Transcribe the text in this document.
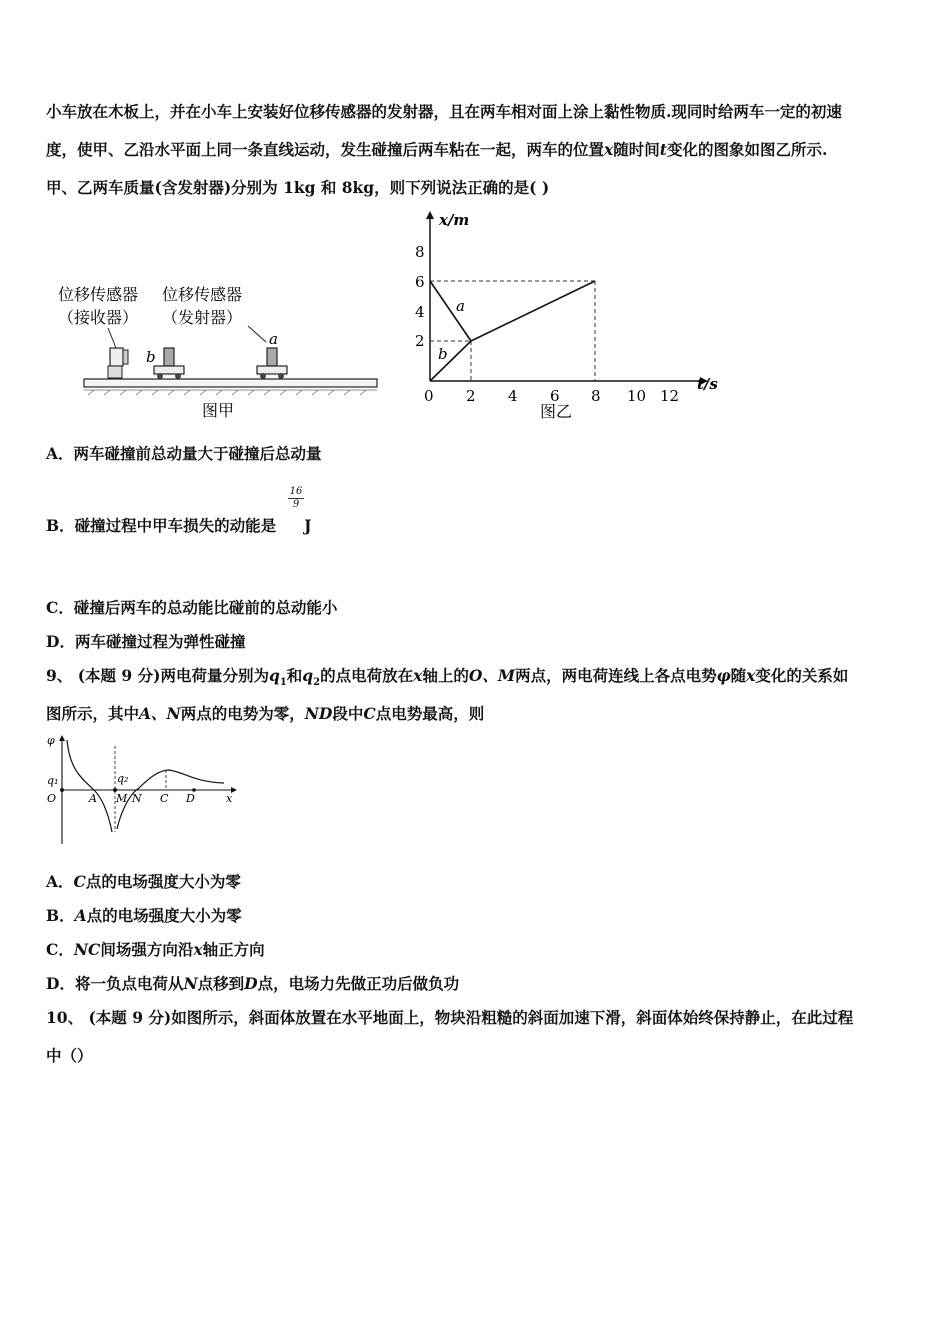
小车放在木板上，并在小车上安装好位移传感器的发射器，且在两车相对面上涂上黏性物质.现同时给两车一定的初速
度，使甲、乙沿水平面上同一条直线运动，发生碰撞后两车粘在一起，两车的位置x随时间t变化的图象如图乙所示.
甲、乙两车质量(含发射器)分别为 1kg 和 8kg，则下列说法正确的是( )
位移传感器
（接收器）
位移传感器
（发射器）
b
a
图甲
x/m
t/s
2
4
6
8
0 2 4 6 8 10 12
a
b
图乙
A．两车碰撞前总动量大于碰撞后总动量
B．碰撞过程中甲车损失的动能是 J
16
9
C．碰撞后两车的总动能比碰前的总动能小
D．两车碰撞过程为弹性碰撞
9、 (本题 9 分)两电荷量分别为$q_1$和$q_2$的点电荷放在x轴上的O、M两点，两电荷连线上各点电势φ随x变化的关系如
图所示，其中A、N两点的电势为零，ND段中C点电势最高，则
φ
q₁
O	A
q₂
M N C D	x
A．C点的电场强度大小为零
B．A点的电场强度大小为零
C．NC间场强方向沿x轴正方向
D．将一负点电荷从N点移到D点，电场力先做正功后做负功
10、 (本题 9 分)如图所示，斜面体放置在水平地面上，物块沿粗糙的斜面加速下滑，斜面体始终保持静止，在此过程
中（）
